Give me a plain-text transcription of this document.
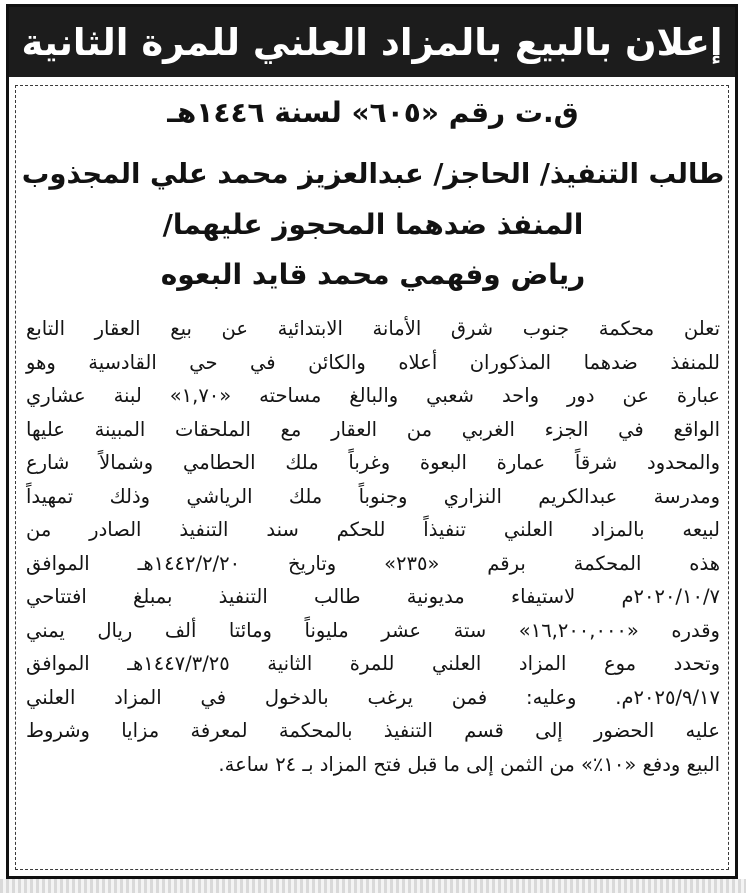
إعلان بالبيع بالمزاد العلني للمرة الثانية
ق.ت رقم «٦٠٥» لسنة ١٤٤٦هـ
طالب التنفيذ/ الحاجز/ عبدالعزيز محمد علي المجذوب
المنفذ ضدهما المحجوز عليهما/
رياض وفهمي محمد قايد البعوه
تعلن محكمة جنوب شرق الأمانة الابتدائية عن بيع العقار التابع
للمنفذ ضدهما المذكوران أعلاه والكائن في حي القادسية وهو
عبارة عن دور واحد شعبي والبالغ مساحته «١,٧٠» لبنة عشاري
الواقع في الجزء الغربي من العقار مع الملحقات المبينة عليها
والمحدود شرقاً عمارة البعوة وغرباً ملك الحطامي وشمالاً شارع
ومدرسة عبدالكريم النزاري وجنوباً ملك الرياشي وذلك تمهيداً
لبيعه بالمزاد العلني تنفيذاً للحكم سند التنفيذ الصادر من
هذه المحكمة برقم «٢٣٥» وتاريخ ١٤٤٢/٢/٢٠هـ الموافق
٢٠٢٠/١٠/٧م لاستيفاء مديونية طالب التنفيذ بمبلغ افتتاحي
وقدره «١٦,٢٠٠,٠٠٠» ستة عشر مليوناً ومائتا ألف ريال يمني
وتحدد موع المزاد العلني للمرة الثانية ١٤٤٧/٣/٢٥هـ الموافق
٢٠٢٥/٩/١٧م. وعليه: فمن يرغب بالدخول في المزاد العلني
عليه الحضور إلى قسم التنفيذ بالمحكمة لمعرفة مزايا وشروط
البيع ودفع «١٠٪» من الثمن إلى ما قبل فتح المزاد بـ ٢٤ ساعة.
